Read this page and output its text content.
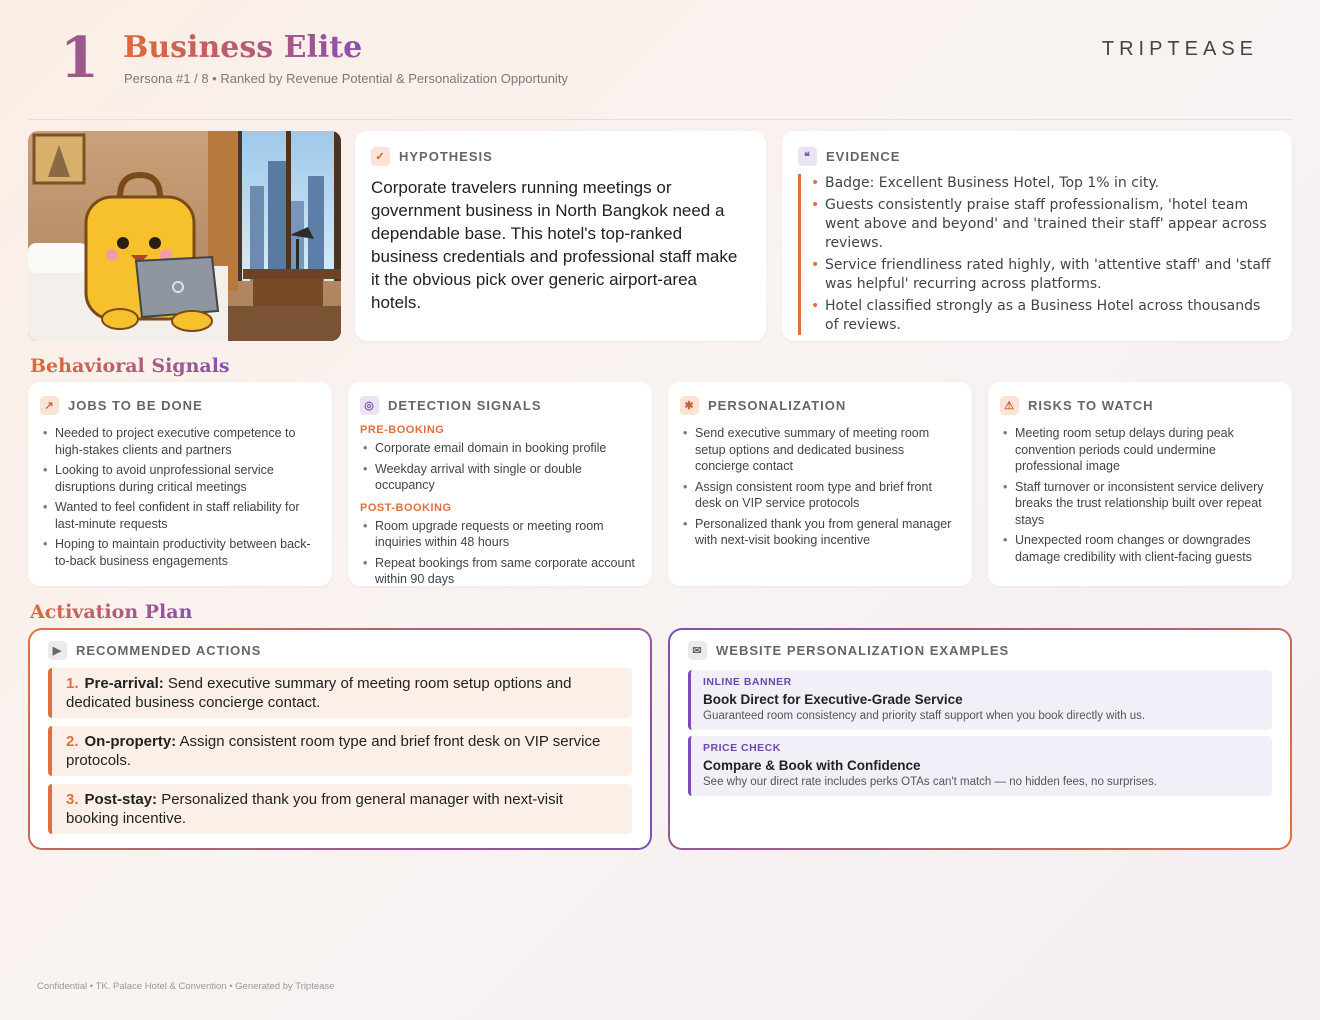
1 Business Elite
Persona #1 / 8 • Ranked by Revenue Potential & Personalization Opportunity
TRIPTEASE
✓	HYPOTHESIS
Corporate travelers running meetings or government business in North Bangkok need a dependable base. This hotel's top-ranked business credentials and professional staff make it the obvious pick over generic airport-area hotels.
❝	EVIDENCE
• Badge: Excellent Business Hotel, Top 1% in city.
• Guests consistently praise staff professionalism, 'hotel team went above and beyond' and 'trained their staff' appear across reviews.
• Service friendliness rated highly, with 'attentive staff' and 'staff was helpful' recurring across platforms.
• Hotel classified strongly as a Business Hotel across thousands of reviews.
Behavioral Signals
↗	JOBS TO BE DONE
• Needed to project executive competence to high-stakes clients and partners
• Looking to avoid unprofessional service disruptions during critical meetings
• Wanted to feel confident in staff reliability for last-minute requests
• Hoping to maintain productivity between back-to-back business engagements
◎	DETECTION SIGNALS
PRE-BOOKING
• Corporate email domain in booking profile
• Weekday arrival with single or double occupancy
POST-BOOKING
• Room upgrade requests or meeting room inquiries within 48 hours
• Repeat bookings from same corporate account within 90 days
✱	PERSONALIZATION
• Send executive summary of meeting room setup options and dedicated business concierge contact
• Assign consistent room type and brief front desk on VIP service protocols
• Personalized thank you from general manager with next-visit booking incentive
⚠	RISKS TO WATCH
• Meeting room setup delays during peak convention periods could undermine professional image
• Staff turnover or inconsistent service delivery breaks the trust relationship built over repeat stays
• Unexpected room changes or downgrades damage credibility with client-facing guests
Activation Plan
▶	RECOMMENDED ACTIONS
1. Pre-arrival: Send executive summary of meeting room setup options and dedicated business concierge contact.
2. On-property: Assign consistent room type and brief front desk on VIP service protocols.
3. Post-stay: Personalized thank you from general manager with next-visit booking incentive.
✉	WEBSITE PERSONALIZATION EXAMPLES
INLINE BANNER
Book Direct for Executive-Grade Service
Guaranteed room consistency and priority staff support when you book directly with us.
PRICE CHECK
Compare & Book with Confidence
See why our direct rate includes perks OTAs can't match — no hidden fees, no surprises.
Confidential • TK. Palace Hotel & Convention • Generated by Triptease
